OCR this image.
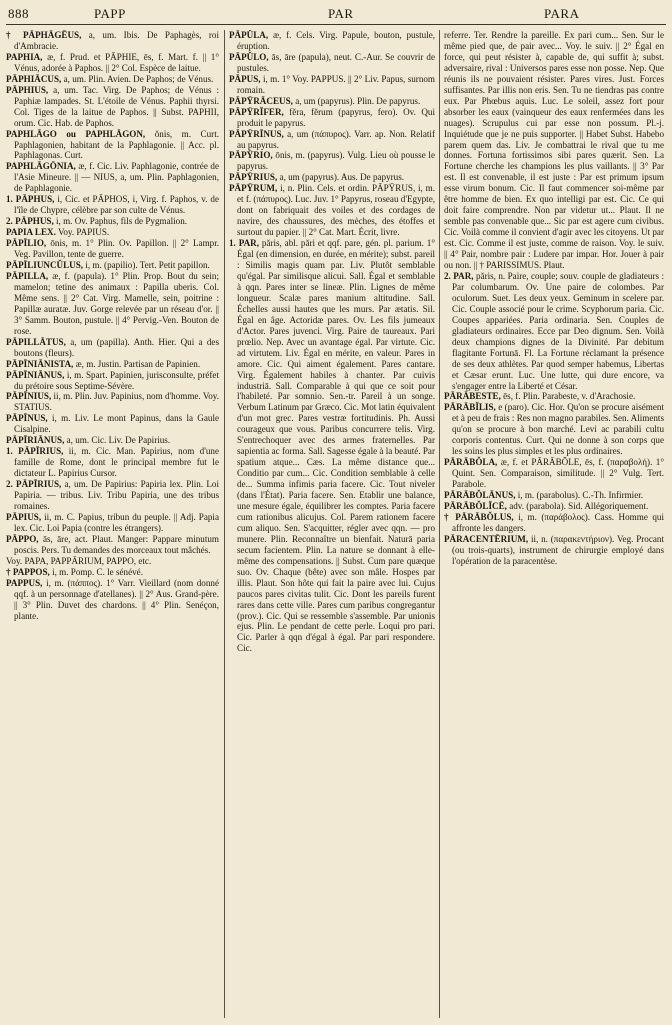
888	PAPP	PAR	PARA

† PĀPHĀGĒUS, a, um. Ibis. De Paphagès, roi d'Ambracie.

PAPHIA, æ, f. Prud. et PĀPHIE, ēs, f. Mart. f. || 1° Vénus, adorée à Paphos. || 2° Col. Espèce de laitue.

PĀPHIĀCUS, a, um. Plin. Avien. De Paphos; de Vénus.

PĀPHIUS, a, um. Tac. Virg. De Paphos; de Vénus : Paphiæ lampades. St. L'étoile de Vénus. Paphii thyrsi. Col. Tiges de la laitue de Paphos. || Subst. PAPHII, orum. Cic. Hab. de Paphos.

PAPHLĀGO ou PAPHLĀGON, ŏnis, m. Curt. Paphlagonien, habitant de la Paphlagonie. || Acc. pl. Paphlagonas. Curt.

PAPHLĀGŌNIA, æ, f. Cic. Liv. Paphlagonie, contrée de l'Asie Mineure. || — NIUS, a, um. Plin. Paphlagonien, de Paphlagonie.

1. PĀPHUS, i, Cic. et PĀPHOS, i, Virg. f. Paphos, v. de l'île de Chypre, célèbre par son culte de Vénus.

2. PĀPHUS, i, m. Ov. Paphus, fils de Pygmalion.

PAPIA LEX. Voy. PAPIUS.

PĀPĪLIO, ōnis, m. 1° Plin. Ov. Papillon. || 2° Lampr. Veg. Pavillon, tente de guerre.

PĀPĪLIUNCŬLUS, i, m. (papilio). Tert. Petit papillon.

PĀPILLA, æ, f. (papula). 1° Plin. Prop. Bout du sein; mamelon; tetine des animaux : Papilla uberis. Col. Même sens. || 2° Cat. Virg. Mamelle, sein, poitrine : Papillæ auratæ. Juv. Gorge relevée par un réseau d'or. || 3° Samm. Bouton, pustule. || 4° Pervig.-Ven. Bouton de rose.

PĀPILLĀTUS, a, um (papilla). Anth. Hier. Qui a des boutons (fleurs).

PĀPĪNIĀNISTA, æ, m. Justin. Partisan de Papinien.

PĀPĪNIĀNUS, i, m. Spart. Papinien, jurisconsulte, préfet du prétoire sous Septime-Sévère.

PĀPĪNIUS, ii, m. Plin. Juv. Papinius, nom d'homme. Voy. STATIUS.

PĀPĪNUS, i, m. Liv. Le mont Papinus, dans la Gaule Cisalpine.

PĀPĪRIĀNUS, a, um. Cic. Liv. De Papirius.

1. PĀPĪRIUS, ii, m. Cic. Man. Papirius, nom d'une famille de Rome, dont le principal membre fut le dictateur L. Papirius Cursor.

2. PĀPĪRIUS, a, um. De Papirius: Papiria lex. Plin. Loi Papiria. — tribus. Liv. Tribu Papiria, une des tribus romaines.

PĀPIUS, ii, m. C. Papius, tribun du peuple. || Adj. Papia lex. Cic. Loi Papia (contre les étrangers).

PĀPPO, ās, āre, act. Plaut. Manger: Pappare minutum poscis. Pers. Tu demandes des morceaux tout mâchés.

Voy. PAPA, PAPPĀRIUM, PAPPO, etc.

† PAPPOS, i, m. Pomp. C. le sénévé.

PAPPUS, i, m. (πάππος). 1° Varr. Vieillard (nom donné qqf. à un personnage d'atellanes). || 2° Aus. Grand-père. || 3° Plin. Duvet des chardons. || 4° Plin. Senéçon, plante.

PĀPŬLA, æ, f. Cels. Virg. Papule, bouton, pustule, éruption.

PĀPŬLO, ās, āre (papula), neut. C.-Aur. Se couvrir de pustules.

PĀPUS, i, m. 1° Voy. PAPPUS. || 2° Liv. Papus, surnom romain.

PĀPȲRĀCEUS, a, um (papyrus). Plin. De papyrus.

PĀPȲRĬFER, fĕra, fĕrum (papyrus, fero). Ov. Qui produit le papyrus.

PĀPȲRĪNUS, a, um (πάπυρος). Varr. ap. Non. Relatif au papyrus.

PĀPȲRIO, ōnis, m. (papyrus). Vulg. Lieu où pousse le papyrus.

PĀPȲRIUS, a, um (papyrus). Aus. De papyrus.

PĀPȲRUM, i, n. Plin. Cels. et ordin. PĀPȲRUS, i, m. et f. (πάπυρος). Luc. Juv. 1° Papyrus, roseau d'Egypte, dont on fabriquait des voiles et des cordages de navire, des chaussures, des mèches, des étoffes et surtout du papier. || 2° Cat. Mart. Écrit, livre.

1. PAR, păris, abl. pări et qqf. pare, gén. pl. parium. 1° Égal (en dimension, en durée, en mérite); subst. pareil : Similis magis quam par. Liv. Plutôt semblable qu'égal. Par similisque alicui. Sall. Égal et semblable à qqn. Pares inter se lineæ. Plin. Lignes de même longueur. Scalæ pares manium altitudine. Sall. Échelles aussi hautes que les murs. Par ætatis. Sil. Égal en âge. Actoridæ pares. Ov. Les fils jumeaux d'Actor. Pares juvenci. Virg. Paire de taureaux. Pari prœlio. Nep. Avec un avantage égal. Par virtute. Cic. ad virtutem. Liv. Égal en mérite, en valeur. Pares in amore. Cic. Qui aiment également. Pares cantare. Virg. Également habiles à chanter. Par cuivis industriā. Sall. Comparable à qui que ce soit pour l'habileté. Par somnio. Sen.-tr. Pareil à un songe. Verbum Latinum par Græco. Cic. Mot latin équivalent d'un mot grec. Pares vestræ fortitudinis. Ph. Aussi courageux que vous. Paribus concurrere telis. Virg. S'entrechoquer avec des armes fraternelles. Par sapientia ac forma. Sall. Sagesse égale à la beauté. Par spatium atque... Cæs. La même distance que... Conditio par cum... Cic. Condition semblable à celle de... Summa infimis paria facere. Cic. Tout niveler (dans l'État). Paria facere. Sen. Etablir une balance, une mesure égale, équilibrer les comptes. Paria facere cum rationibus alicujus. Col. Parem rationem facere cum aliquo. Sen. S'acquitter, régler avec qqn. — pro munere. Plin. Reconnaître un bienfait. Naturā paria secum facientem. Plin. La nature se donnant à elle-même des compensations. || Subst. Cum pare quæque suo. Ov. Chaque (bête) avec son mâle. Hospes par illis. Plaut. Son hôte qui fait la paire avec lui. Cujus paucos pares civitas tulit. Cic. Dont les pareils furent rares dans cette ville. Pares cum paribus congregantur (prov.). Cic. Qui se ressemble s'assemble. Par unionis ejus. Plin. Le pendant de cette perle. Loqui pro pari. Cic. Parler à qqn d'égal à égal. Par pari respondere. Cic.

referre. Ter. Rendre la pareille. Ex pari cum... Sen. Sur le même pied que, de pair avec... Voy. le suiv. || 2° Égal en force, qui peut résister à, capable de, qui suffit à; subst. adversaire, rival : Universos pares esse non posse. Nep. Que réunis ils ne pouvaient résister. Pares vires. Just. Forces suffisantes. Par illis non eris. Sen. Tu ne tiendras pas contre eux. Par Phœbus aquis. Luc. Le soleil, assez fort pour absorber les eaux (vainqueur des eaux renfermées dans les nuages). Scrupulus cui par esse non possum. Pl.-j. Inquiétude que je ne puis supporter. || Habet Subst. Habebo parem quem das. Liv. Je combattrai le rival que tu me donnes. Fortuna fortissimos sibi pares quærit. Sen. La Fortune cherche les champions les plus vaillants. || 3° Par est. Il est convenable, il est juste : Par est primum ipsum esse virum bonum. Cic. Il faut commencer soi-même par être homme de bien. Ex quo intelligi par est. Cic. Ce qui doit faire comprendre. Non par videtur ut... Plaut. Il ne semble pas convenable que... Sic par est agere cum civibus. Cic. Voilà comme il convient d'agir avec les citoyens. Ut par est. Cic. Comme il est juste, comme de raison. Voy. le suiv. || 4° Pair, nombre pair : Ludere par impar. Hor. Jouer à pair ou non. || † PARISSIMUS. Plaut.

2. PAR, păris, n. Paire, couple; souv. couple de gladiateurs : Par columbarum. Ov. Une paire de colombes. Par oculorum. Suet. Les deux yeux. Geminum in scelere par. Cic. Couple associé pour le crime. Scyphorum paria. Cic. Coupes appariées. Paria ordinaria. Sen. Couples de gladiateurs ordinaires. Ecce par Deo dignum. Sen. Voilà deux champions dignes de la Divinité. Par debitum flagitante Fortunā. Fl. La Fortune réclamant la présence de ses deux athlètes. Par quod semper habemus, Libertas et Cæsar erunt. Luc. Une lutte, qui dure encore, va s'engager entre la Liberté et César.

PĀRĀBESTE, ēs, f. Plin. Parabeste, v. d'Arachosie.

PĀRĀBĬLIS, e (paro). Cic. Hor. Qu'on se procure aisément et à peu de frais : Res non magno parabiles. Sen. Aliments qu'on se procure à bon marché. Levi ac parabili cultu corporis contentus. Curt. Qui ne donne à son corps que les soins les plus simples et les plus ordinaires.

PĀRĀBŎLA, æ, f. et PĀRĀBŎLE, ēs, f. (παραβολή). 1° Quint. Sen. Comparaison, similitude. || 2° Vulg. Tert. Parabole.

PĀRĀBŎLĀNUS, i, m. (parabolus). C.-Th. Infirmier.

PĀRĀBŎLĬCĒ, adv. (parabola). Sid. Allégoriquement.

† PĀRĀBŎLUS, i, m. (παράβολος). Cass. Homme qui affronte les dangers.

PĀRACENTĒRIUM, ii, n. (παρακεντήριον). Veg. Procant (ou trois-quarts), instrument de chirurgie employé dans l'opération de la paracentèse.
